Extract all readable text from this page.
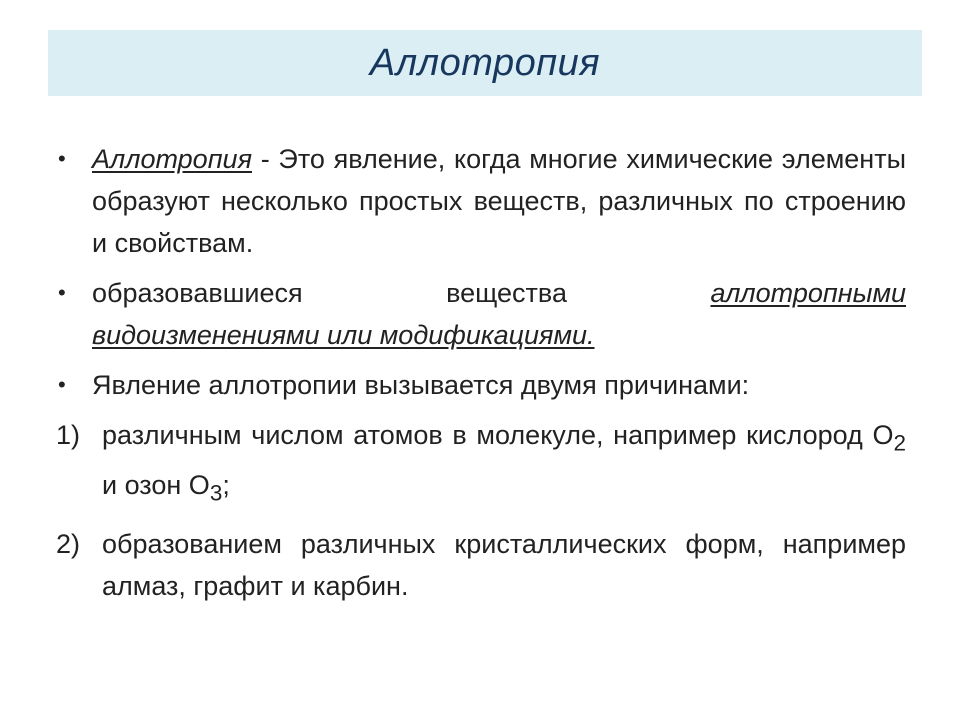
Аллотропия
• Аллотропия - Это явление, когда многие химические элементы образуют несколько простых веществ, различных по строению и свойствам.
• образовавшиеся	вещества	аллотропными
видоизменениями или модификациями.
• Явление аллотропии вызывается двумя причинами:
1) различным числом атомов в молекуле, например кислород $О_2$ и озон $О_3$;
2) образованием различных кристаллических форм, например алмаз, графит и карбин.
